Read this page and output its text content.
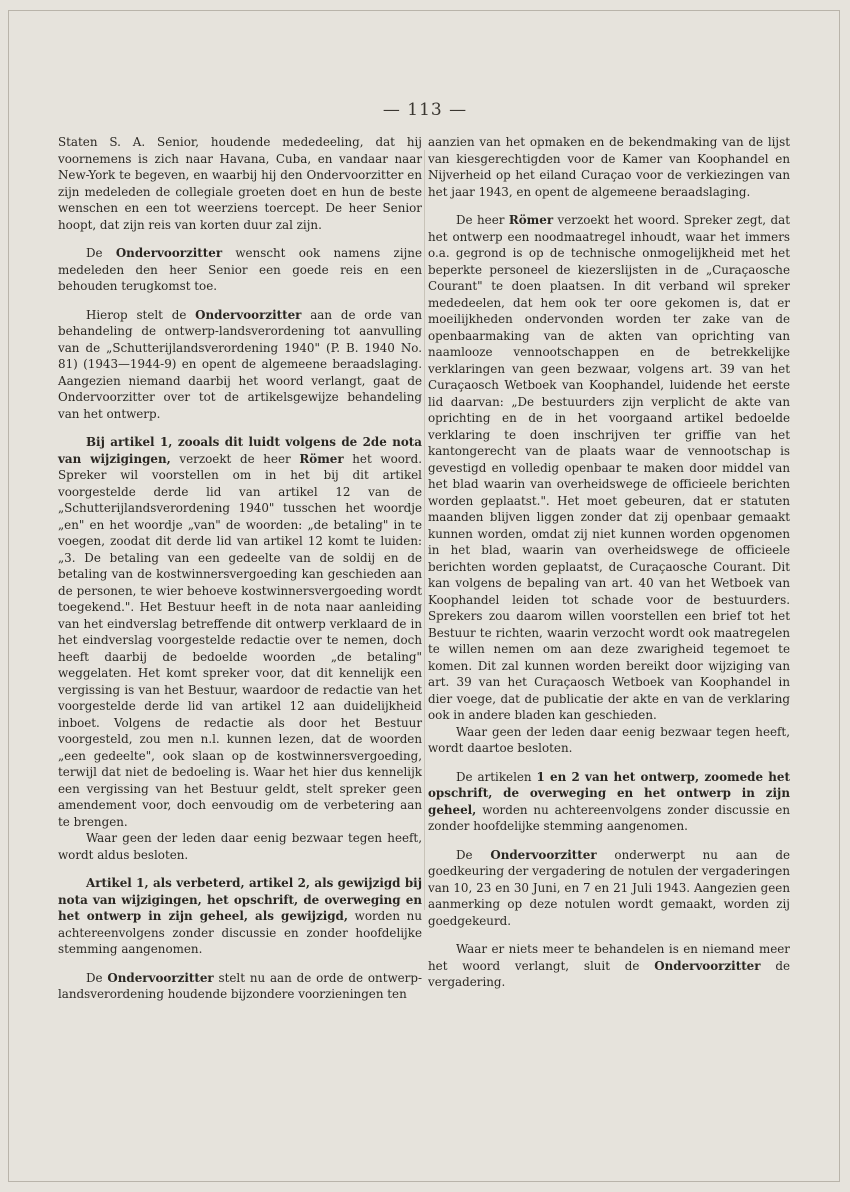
— 113 —

Staten S. A. Senior, houdende mededeeling, dat hij voornemens is zich naar Havana, Cuba, en vandaar naar New-York te begeven, en waarbij hij den Ondervoorzitter en zijn medeleden de collegiale groeten doet en hun de beste wenschen en een tot weerziens toercept. De heer Senior hoopt, dat zijn reis van korten duur zal zijn.

De Ondervoorzitter wenscht ook namens zijne medeleden den heer Senior een goede reis en een behouden terugkomst toe.

Hierop stelt de Ondervoorzitter aan de orde van behandeling de ontwerp-landsverordening tot aanvulling van de „Schutterijlandsverordening 1940" (P. B. 1940 No. 81) (1943—1944-9) en opent de algemeene beraadslaging. Aangezien niemand daarbij het woord verlangt, gaat de Ondervoorzitter over tot de artikelsgewijze behandeling van het ontwerp.

Bij artikel 1, zooals dit luidt volgens de 2de nota van wijzigingen, verzoekt de heer Römer het woord. Spreker wil voorstellen om in het bij dit artikel voorgestelde derde lid van artikel 12 van de „Schutterijlandsverordening 1940" tusschen het woordje „en" en het woordje „van" de woorden: „de betaling" in te voegen, zoodat dit derde lid van artikel 12 komt te luiden: „3. De betaling van een gedeelte van de soldij en de betaling van de kostwinnersvergoeding kan geschieden aan de personen, te wier behoeve kostwinnersvergoeding wordt toegekend.". Het Bestuur heeft in de nota naar aanleiding van het eindverslag betreffende dit ontwerp verklaard de in het eindverslag voorgestelde redactie over te nemen, doch heeft daarbij de bedoelde woorden „de betaling" weggelaten. Het komt spreker voor, dat dit kennelijk een vergissing is van het Bestuur, waardoor de redactie van het voorgestelde derde lid van artikel 12 aan duidelijkheid inboet. Volgens de redactie als door het Bestuur voorgesteld, zou men n.l. kunnen lezen, dat de woorden „een gedeelte", ook slaan op de kostwinnersvergoeding, terwijl dat niet de bedoeling is. Waar het hier dus kennelijk een vergissing van het Bestuur geldt, stelt spreker geen amendement voor, doch eenvoudig om de verbetering aan te brengen.

Waar geen der leden daar eenig bezwaar tegen heeft, wordt aldus besloten.

Artikel 1, als verbeterd, artikel 2, als gewijzigd bij nota van wijzigingen, het opschrift, de overweging en het ontwerp in zijn geheel, als gewijzigd, worden nu achtereenvolgens zonder discussie en zonder hoofdelijke stemming aangenomen.

De Ondervoorzitter stelt nu aan de orde de ontwerp-landsverordening houdende bijzondere voorzieningen ten

aanzien van het opmaken en de bekendmaking van de lijst van kiesgerechtigden voor de Kamer van Koophandel en Nijverheid op het eiland Curaçao voor de verkiezingen van het jaar 1943, en opent de algemeene beraadslaging.

De heer Römer verzoekt het woord. Spreker zegt, dat het ontwerp een noodmaatregel inhoudt, waar het immers o.a. gegrond is op de technische onmogelijkheid met het beperkte personeel de kiezerslijsten in de „Curaçaosche Courant" te doen plaatsen. In dit verband wil spreker mededeelen, dat hem ook ter oore gekomen is, dat er moeilijkheden ondervonden worden ter zake van de openbaarmaking van de akten van oprichting van naamlooze vennootschappen en de betrekkelijke verklaringen van geen bezwaar, volgens art. 39 van het Curaçaosch Wetboek van Koophandel, luidende het eerste lid daarvan: „De bestuurders zijn verplicht de akte van oprichting en de in het voorgaand artikel bedoelde verklaring te doen inschrijven ter griffie van het kantongerecht van de plaats waar de vennootschap is gevestigd en volledig openbaar te maken door middel van het blad waarin van overheidswege de officieele berichten worden geplaatst.". Het moet gebeuren, dat er statuten maanden blijven liggen zonder dat zij openbaar gemaakt kunnen worden, omdat zij niet kunnen worden opgenomen in het blad, waarin van overheidswege de officieele berichten worden geplaatst, de Curaçaosche Courant. Dit kan volgens de bepaling van art. 40 van het Wetboek van Koophandel leiden tot schade voor de bestuurders. Sprekers zou daarom willen voorstellen een brief tot het Bestuur te richten, waarin verzocht wordt ook maatregelen te willen nemen om aan deze zwarigheid tegemoet te komen. Dit zal kunnen worden bereikt door wijziging van art. 39 van het Curaçaosch Wetboek van Koophandel in dier voege, dat de publicatie der akte en van de verklaring ook in andere bladen kan geschieden.

Waar geen der leden daar eenig bezwaar tegen heeft, wordt daartoe besloten.

De artikelen 1 en 2 van het ontwerp, zoomede het opschrift, de overweging en het ontwerp in zijn geheel, worden nu achtereenvolgens zonder discussie en zonder hoofdelijke stemming aangenomen.

De Ondervoorzitter onderwerpt nu aan de goedkeuring der vergadering de notulen der vergaderingen van 10, 23 en 30 Juni, en 7 en 21 Juli 1943. Aangezien geen aanmerking op deze notulen wordt gemaakt, worden zij goedgekeurd.

Waar er niets meer te behandelen is en niemand meer het woord verlangt, sluit de Ondervoorzitter de vergadering.
